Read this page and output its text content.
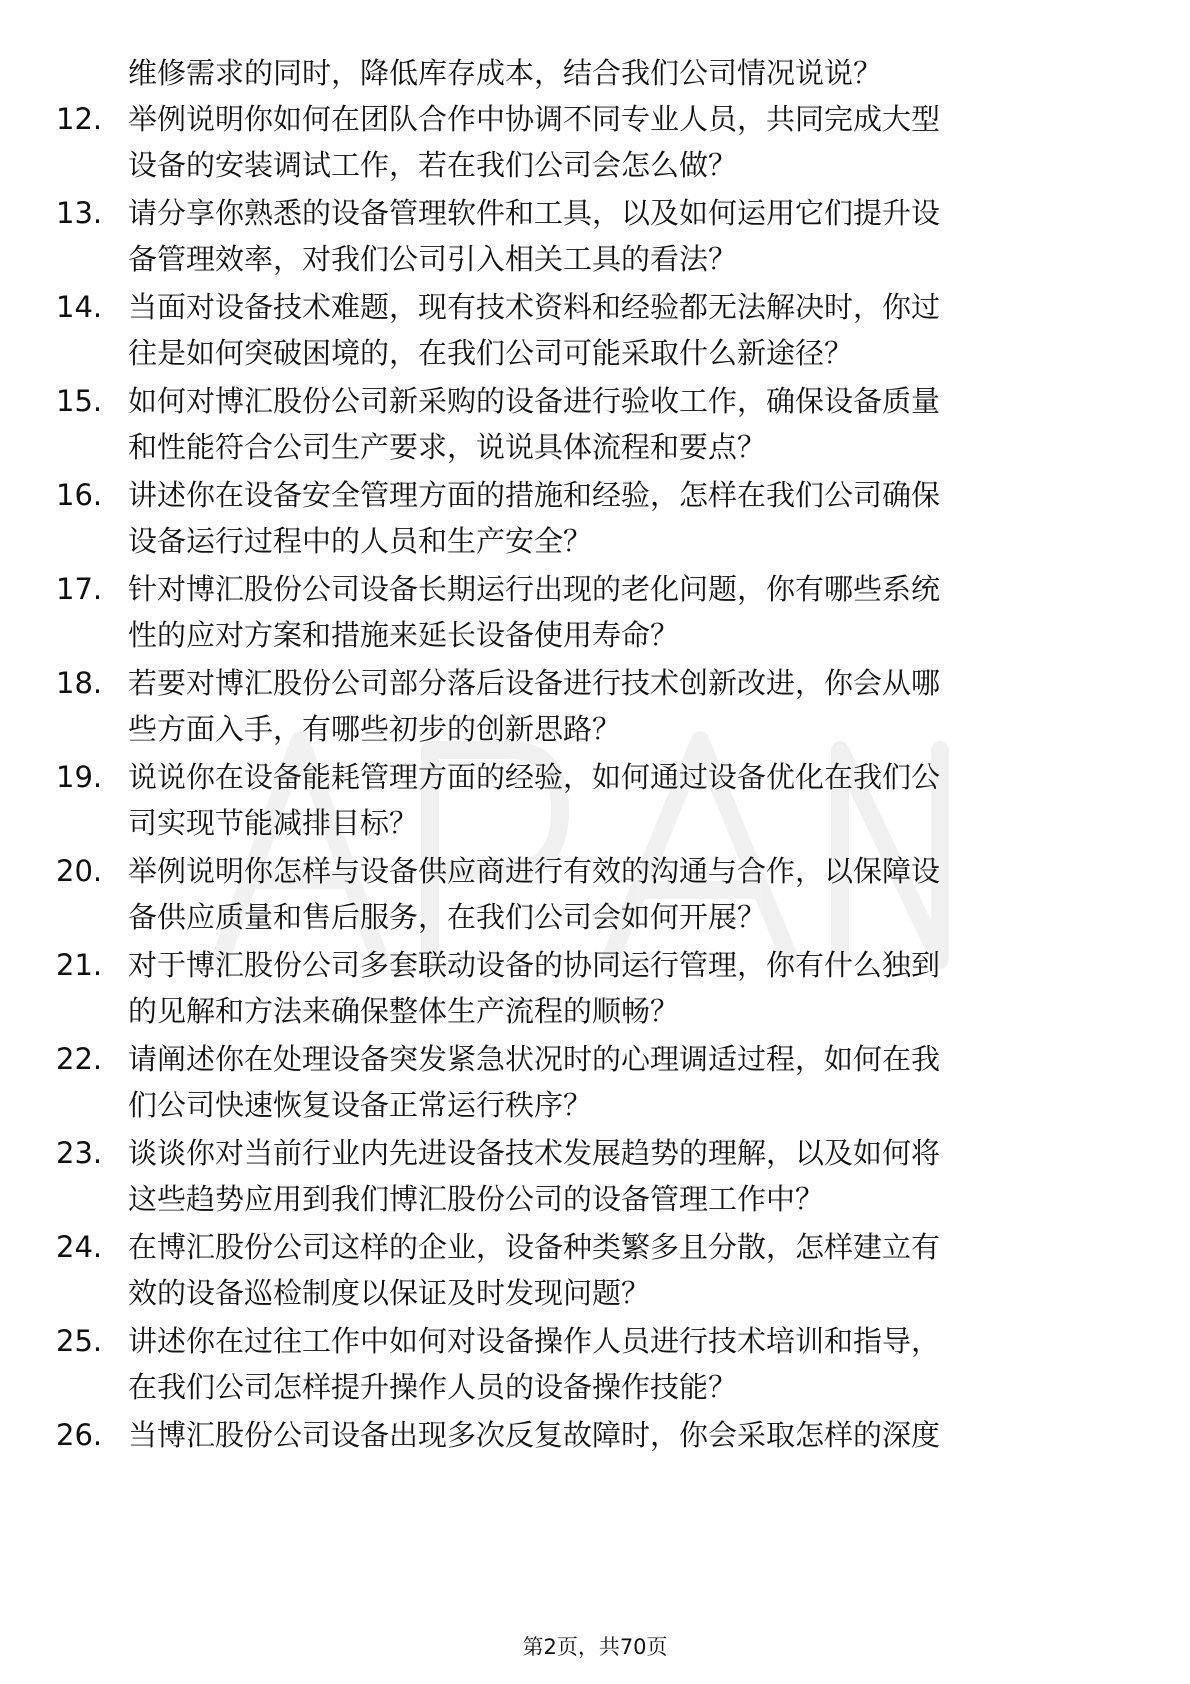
维修需求的同时，降低库存成本，结合我们公司情况说说？
12. 举例说明你如何在团队合作中协调不同专业人员，共同完成大型
设备的安装调试工作，若在我们公司会怎么做？
13. 请分享你熟悉的设备管理软件和工具，以及如何运用它们提升设
备管理效率，对我们公司引入相关工具的看法？
14. 当面对设备技术难题，现有技术资料和经验都无法解决时，你过
往是如何突破困境的，在我们公司可能采取什么新途径？
15. 如何对博汇股份公司新采购的设备进行验收工作，确保设备质量
和性能符合公司生产要求，说说具体流程和要点？
16. 讲述你在设备安全管理方面的措施和经验，怎样在我们公司确保
设备运行过程中的人员和生产安全？
17. 针对博汇股份公司设备长期运行出现的老化问题，你有哪些系统
性的应对方案和措施来延长设备使用寿命？
18. 若要对博汇股份公司部分落后设备进行技术创新改进，你会从哪
些方面入手，有哪些初步的创新思路？
19. 说说你在设备能耗管理方面的经验，如何通过设备优化在我们公
司实现节能减排目标？
20. 举例说明你怎样与设备供应商进行有效的沟通与合作，以保障设
备供应质量和售后服务，在我们公司会如何开展？
21. 对于博汇股份公司多套联动设备的协同运行管理，你有什么独到
的见解和方法来确保整体生产流程的顺畅？
22. 请阐述你在处理设备突发紧急状况时的心理调适过程，如何在我
们公司快速恢复设备正常运行秩序？
23. 谈谈你对当前行业内先进设备技术发展趋势的理解，以及如何将
这些趋势应用到我们博汇股份公司的设备管理工作中？
24. 在博汇股份公司这样的企业，设备种类繁多且分散，怎样建立有
效的设备巡检制度以保证及时发现问题？
25. 讲述你在过往工作中如何对设备操作人员进行技术培训和指导，
在我们公司怎样提升操作人员的设备操作技能？
26. 当博汇股份公司设备出现多次反复故障时，你会采取怎样的深度
第2页，共70页
